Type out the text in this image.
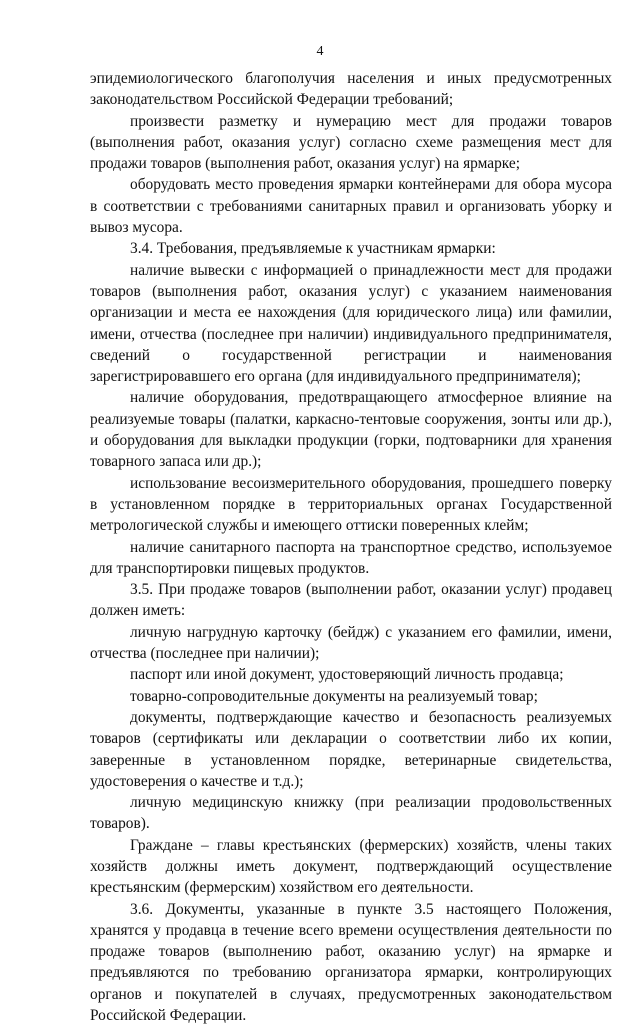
4

эпидемиологического благополучия населения и иных предусмотренных законодательством Российской Федерации требований;

произвести разметку и нумерацию мест для продажи товаров (выполнения работ, оказания услуг) согласно схеме размещения мест для продажи товаров (выполнения работ, оказания услуг) на ярмарке;

оборудовать место проведения ярмарки контейнерами для обора мусора в соответствии с требованиями санитарных правил и организовать уборку и вывоз мусора.

3.4. Требования, предъявляемые к участникам ярмарки:

наличие вывески с информацией о принадлежности мест для продажи товаров (выполнения работ, оказания услуг) с указанием наименования организации и места ее нахождения (для юридического лица) или фамилии, имени, отчества (последнее при наличии) индивидуального предпринимателя, сведений о государственной регистрации и наименования зарегистрировавшего его органа (для индивидуального предпринимателя);

наличие оборудования, предотвращающего атмосферное влияние на реализуемые товары (палатки, каркасно-тентовые сооружения, зонты или др.), и оборудования для выкладки продукции (горки, подтоварники для хранения товарного запаса или др.);

использование весоизмерительного оборудования, прошедшего поверку в установленном порядке в территориальных органах Государственной метрологической службы и имеющего оттиски поверенных клейм;

наличие санитарного паспорта на транспортное средство, используемое для транспортировки пищевых продуктов.

3.5. При продаже товаров (выполнении работ, оказании услуг) продавец должен иметь:

личную нагрудную карточку (бейдж) с указанием его фамилии, имени, отчества (последнее при наличии);

паспорт или иной документ, удостоверяющий личность продавца;

товарно-сопроводительные документы на реализуемый товар;

документы, подтверждающие качество и безопасность реализуемых товаров (сертификаты или декларации о соответствии либо их копии, заверенные в установленном порядке, ветеринарные свидетельства, удостоверения о качестве и т.д.);

личную медицинскую книжку (при реализации продовольственных товаров).

Граждане – главы крестьянских (фермерских) хозяйств, члены таких хозяйств должны иметь документ, подтверждающий осуществление крестьянским (фермерским) хозяйством его деятельности.

3.6. Документы, указанные в пункте 3.5 настоящего Положения, хранятся у продавца в течение всего времени осуществления деятельности по продаже товаров (выполнению работ, оказанию услуг) на ярмарке и предъявляются по требованию организатора ярмарки, контролирующих органов и покупателей в случаях, предусмотренных законодательством Российской Федерации.
